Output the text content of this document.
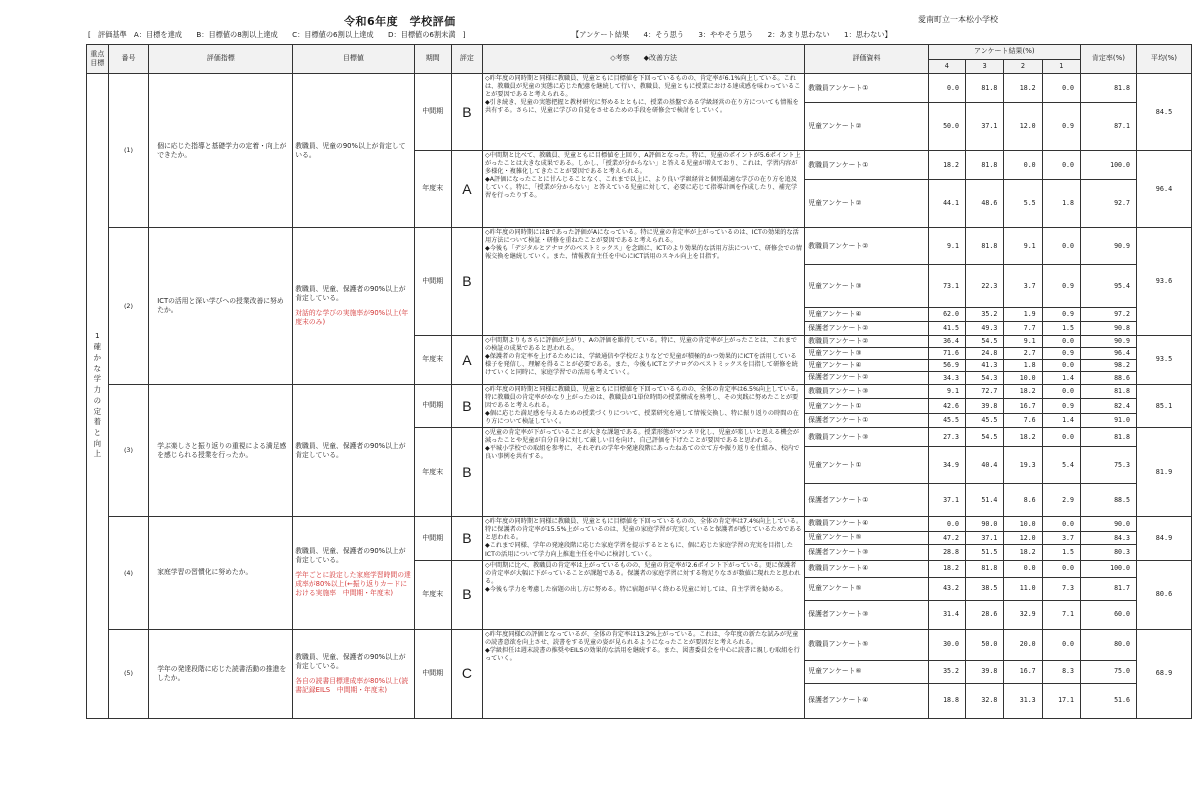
令和6年度　学校評価	愛南町立一本松小学校
[　評価基準　A：目標を達成　　B：目標値の8割以上達成　　C：目標値の6割以上達成　　D：目標値の6割未満　]	【アンケート結果　　4：そう思う　　3：ややそう思う　　2：あまり思わない　　1：思わない】
重点目標	番号	評価指標	目標値	期間	評定	◇考察　　◆改善方法	評価資料	アンケート結果(%)				肯定率(%)	平均(%)
								4	3	2	1		
1確かな学力の定着と向上	(1)	個に応じた指導と基礎学力の定着・向上ができたか。	教職員、児童の90%以上が肯定している。	中間期	B	◇昨年度の同時期と同様に教職員、児童ともに目標値を下回っているものの、肯定率が6.1%向上している。これは、教職員が児童の実態に応じた配慮を継続して行い、教職員、児童ともに授業における達成感を味わっていることが要因であると考えられる。
◆引き続き、児童の実態把握と教材研究に努めるとともに、授業の基盤である学級経営の在り方についても情報を共有する。さらに、児童に学びの自覚をさせるための手段を研修会で検討をしていく。	教職員アンケート①	0.0	81.8	18.2	0.0	81.8	84.5
							児童アンケート②	50.0	37.1	12.0	0.9	87.1	
				年度末	A	◇中間期と比べて、教職員、児童ともに目標値を上回り、A評価となった。特に、児童のポイントが5.6ポイント上がったことは大きな成果である。しかし、「授業が分からない」と答える児童が増えており、これは、学習内容が多様化・複雑化してきたことが要因であると考えられる。
◆A評価になったことに甘んじることなく、これまで以上に、より良い学級経営と個別最適な学びの在り方を追及していく。特に、「授業が分からない」と答えている児童に対して、必要に応じて指導計画を作成したり、補充学習を行ったりする。	教職員アンケート①	18.2	81.8	0.0	0.0	100.0	96.4
							児童アンケート②	44.1	48.6	5.5	1.8	92.7	
	(2)	ICTの活用と深い学びへの授業改善に努めたか。	教職員、児童、保護者の90%以上が肯定している。
対話的な学びの実施率が90%以上(年度末のみ)	中間期	B	◇昨年度の同時期にはBであった評価がAになっている。特に児童の肯定率が上がっているのは、ICTの効果的な活用方法について検証・研修を重ねたことが要因であると考えられる。
◆今後も「デジタルとアナログのベストミックス」を念頭に、ICTのより効果的な活用方法について、研修会での情報交換を継続していく。また、情報教育主任を中心にICT活用のスキル向上を目指す。	教職員アンケート②	9.1	81.8	9.1	0.0	90.9	93.6
							児童アンケート③	73.1	22.3	3.7	0.9	95.4	
							児童アンケート④	62.0	35.2	1.9	0.9	97.2	
							保護者アンケート②	41.5	49.3	7.7	1.5	90.8	
				年度末	A	◇中間期よりもさらに評価が上がり、Aの評価を維持している。特に、児童の肯定率が上がったことは、これまでの検証の成果であると思われる。
◆保護者の肯定率を上げるためには、学級通信や学校だよりなどで児童が積極的かつ効果的にICTを活用している様子を発信し、理解を得ることが必要である。また、今後もICTとアナログのベストミックスを目指して研修を続けていくと同時に、家庭学習での活用も考えていく。	教職員アンケート②	36.4	54.5	9.1	0.0	90.9	93.5
							児童アンケート③	71.6	24.8	2.7	0.9	96.4	
							児童アンケート④	56.9	41.3	1.8	0.0	98.2	
							保護者アンケート②	34.3	54.3	10.0	1.4	88.6	
	(3)	学ぶ楽しさと振り返りの重視による満足感を感じられる授業を行ったか。	教職員、児童、保護者の90%以上が肯定している。	中間期	B	◇昨年度の同時期と同様に教職員、児童ともに目標値を下回っているものの、全体の肯定率は6.5%向上している。特に教職員の肯定率がかなり上がったのは、教職員が1単位時間の授業構成を熟考し、その実践に努めたことが要因であると考えられる。
◆個に応じた満足感を与えるための授業づくりについて、授業研究を通して情報交換し、特に振り返りの時間の在り方について検証していく。	教職員アンケート③	9.1	72.7	18.2	0.0	81.8	85.1
							児童アンケート①	42.6	39.8	16.7	0.9	82.4	
							保護者アンケート①	45.5	45.5	7.6	1.4	91.0	
				年度末	B	◇児童の肯定率が下がっていることが大きな課題である。授業形態がマンネリ化し、児童が楽しいと思える機会が減ったことや児童が自分自身に対して厳しい目を向け、自己評価を下げたことが要因であると思われる。
◆平城小学校での取組を参考に、それぞれの学年や発達段階にあったねあての立て方や振り返りを仕組み、校内で良い事例を共有する。	教職員アンケート③	27.3	54.5	18.2	0.0	81.8	81.9
							児童アンケート①	34.9	40.4	19.3	5.4	75.3	
							保護者アンケート①	37.1	51.4	8.6	2.9	88.5	
	(4)	家庭学習の習慣化に努めたか。	教職員、児童、保護者の90%以上が肯定している。
学年ごとに設定した家庭学習時間の達成率が80%以上(←振り返りカードにおける実施率　中間期・年度末)	中間期	B	◇昨年度の同時期と同様に教職員、児童ともに目標値を下回っているものの、全体の肯定率は7.4%向上している。特に保護者の肯定率が15.5%上がっているのは、児童の家庭学習が充実していると保護者が感じているためであると思われる。
◆これまで同様、学年の発達段階に応じた家庭学習を提示するとともに、個に応じた家庭学習の充実を目指したICTの活用について学力向上推進主任を中心に検討していく。	教職員アンケート④	0.0	90.0	10.0	0.0	90.0	84.9
							児童アンケート⑤	47.2	37.1	12.0	3.7	84.3	
							保護者アンケート③	28.8	51.5	18.2	1.5	80.3	
				年度末	B	◇中間期に比べ、教職員の肯定率は上がっているものの、児童の肯定率が2.6ポイント下がっている。更に保護者の肯定率が大幅に下がっていることが課題である。保護者の家庭学習に対する物足りなさが数値に現れたと思われる。
◆今後も学力を考慮した宿題の出し方に努める。特に宿題が早く終わる児童に対しては、自主学習を勧める。	教職員アンケート④	18.2	81.8	0.0	0.0	100.0	80.6
							児童アンケート⑤	43.2	38.5	11.0	7.3	81.7	
							保護者アンケート③	31.4	28.6	32.9	7.1	60.0	
	(5)	学年の発達段階に応じた読書活動の推進をしたか。	教職員、児童、保護者の90%以上が肯定している。
各自の読書目標達成率が80%以上(読書記録EILS　中間期・年度末)	中間期	C	◇昨年度同様Cの評価となっているが、全体の肯定率は13.2%上がっている。これは、今年度の新たな試みが児童の読書意欲を向上させ、読書をする児童の姿が見られるようになったことが要因だと考えられる。
◆学級担任は週末読書の推奨やEILSの効果的な活用を継続する。また、図書委員会を中心に読書に親しむ取組を行っていく。	教職員アンケート⑤	30.0	50.0	20.0	0.0	80.0	68.9
							児童アンケート⑥	35.2	39.8	16.7	8.3	75.0	
							保護者アンケート④	18.8	32.8	31.3	17.1	51.6	
